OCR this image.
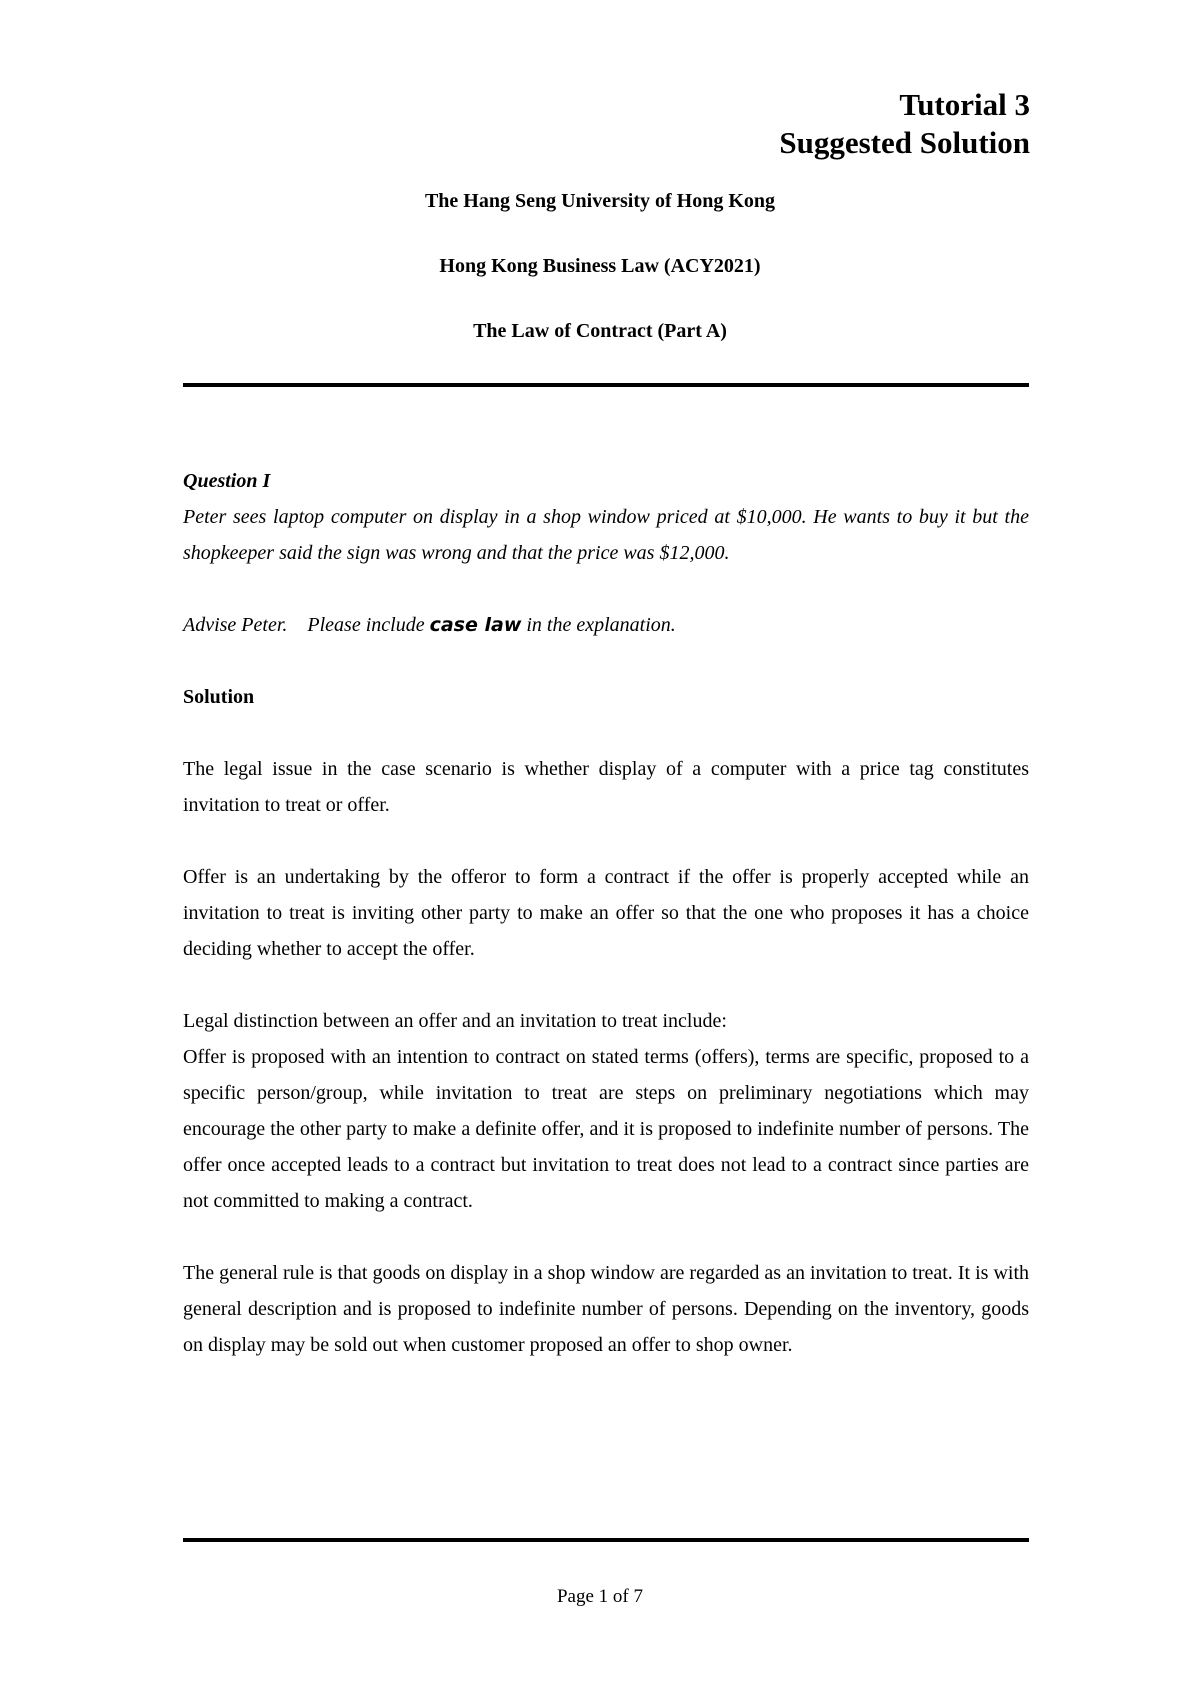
Tutorial 3
Suggested Solution
The Hang Seng University of Hong Kong
Hong Kong Business Law (ACY2021)
The Law of Contract (Part A)

Question I

Peter sees laptop computer on display in a shop window priced at $10,000. He wants to buy it but the shopkeeper said the sign was wrong and that the price was $12,000.

Advise Peter.    Please include case law in the explanation.

Solution

The legal issue in the case scenario is whether display of a computer with a price tag constitutes invitation to treat or offer.

Offer is an undertaking by the offeror to form a contract if the offer is properly accepted while an invitation to treat is inviting other party to make an offer so that the one who proposes it has a choice deciding whether to accept the offer.

Legal distinction between an offer and an invitation to treat include:

Offer is proposed with an intention to contract on stated terms (offers), terms are specific, proposed to a specific person/group, while invitation to treat are steps on preliminary negotiations which may encourage the other party to make a definite offer, and it is proposed to indefinite number of persons. The offer once accepted leads to a contract but invitation to treat does not lead to a contract since parties are not committed to making a contract.

The general rule is that goods on display in a shop window are regarded as an invitation to treat. It is with general description and is proposed to indefinite number of persons. Depending on the inventory, goods on display may be sold out when customer proposed an offer to shop owner.

Page 1 of 7
